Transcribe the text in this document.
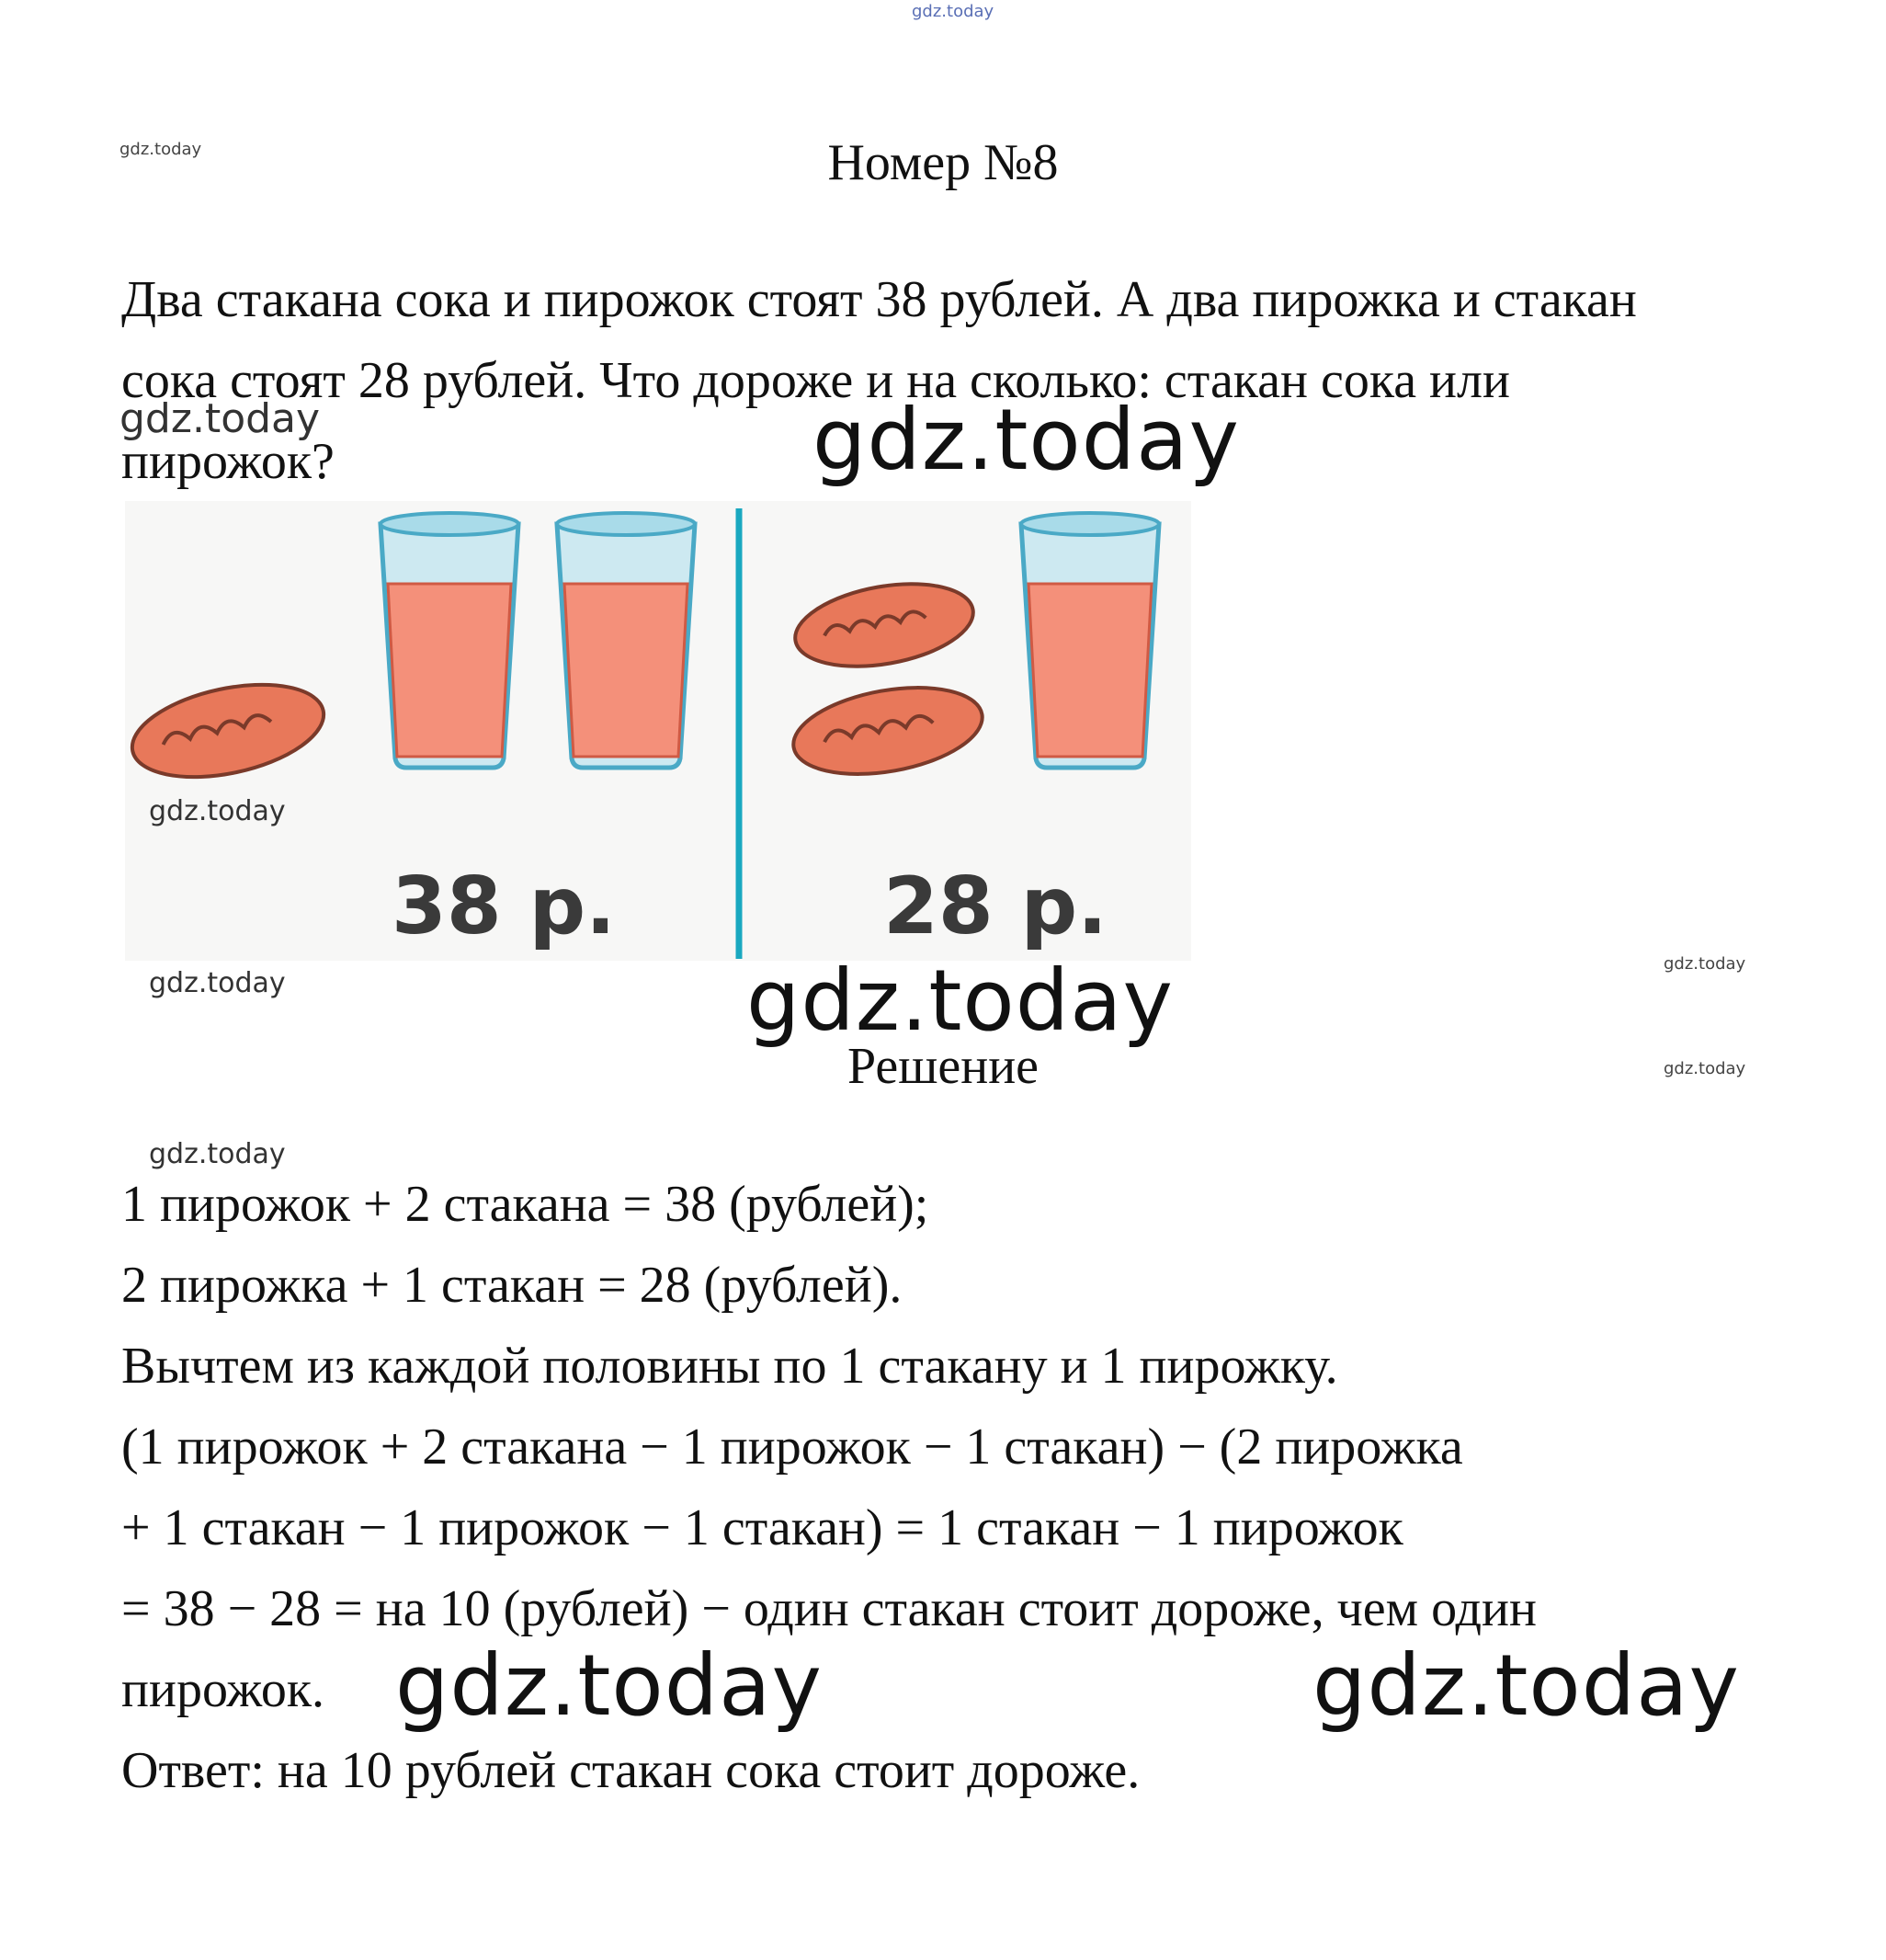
gdz.today
gdz.today	Номер №8
Два стакана сока и пирожок стоят 38 рублей. А два пирожка и стакан
сока стоят 28 рублей. Что дороже и на сколько: стакан сока или
пирожок?
gdz.today	gdz.today
38 р.	28 р.
gdz.today
gdz.today
gdz.today
gdz.today
Решение	gdz.today
gdz.today

1 пирожок + 2 стакана = 38 (рублей);

2 пирожка + 1 стакан = 28 (рублей).

Вычтем из каждой половины по 1 стакану и 1 пирожку.

(1 пирожок + 2 стакана − 1 пирожок − 1 стакан) − (2 пирожка

+ 1 стакан − 1 пирожок − 1 стакан) = 1 стакан − 1 пирожок

= 38 − 28 = на 10 (рублей) − один стакан стоит дороже, чем один

пирожок.

Ответ: на 10 рублей стакан сока стоит дороже.

gdz.today	gdz.today
